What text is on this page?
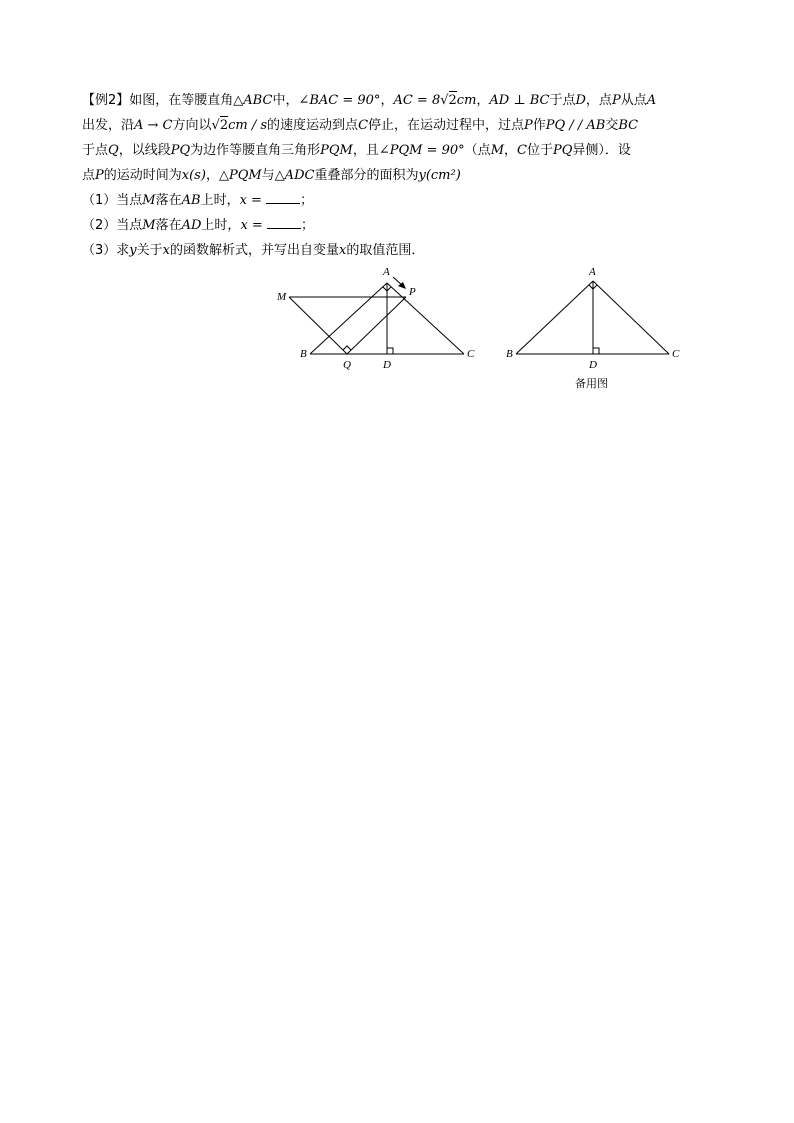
【例2】如图，在等腰直角△ABC中，∠BAC = 90°，AC = 8√2cm，AD ⊥ BC于点D，点P从点A
出发，沿A → C方向以√2cm / s的速度运动到点C停止，在运动过程中，过点P作PQ / / AB交BC
于点Q，以线段PQ为边作等腰直角三角形PQM，且∠PQM = 90°（点M，C位于PQ异侧）．设
点P的运动时间为x(s)，△PQM与△ADC重叠部分的面积为y(cm²)
（1）当点M落在AB上时，x =	；
（2）当点M落在AD上时，x =	；
（3）求y关于x的函数解析式，并写出自变量x的取值范围．
A
P
M
B
Q	D
C
A
B
D
C
备用图
